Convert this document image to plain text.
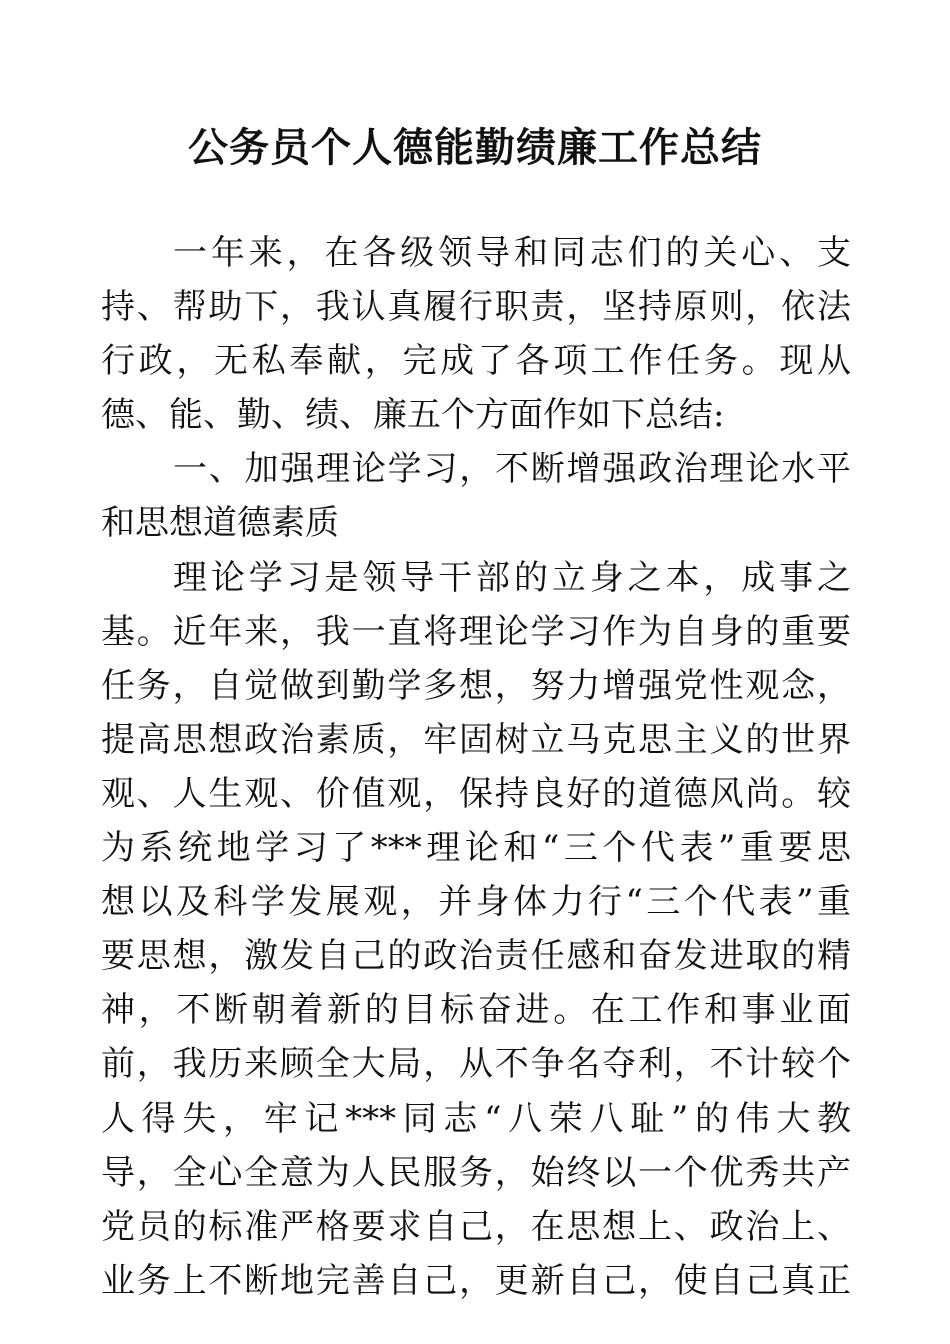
公务员个人德能勤绩廉工作总结
一年来，在各级领导和同志们的关心、支
持、帮助下，我认真履行职责，坚持原则，依法
行政，无私奉献，完成了各项工作任务。现从
德、能、勤、绩、廉五个方面作如下总结:
一、加强理论学习，不断增强政治理论水平
和思想道德素质
理论学习是领导干部的立身之本，成事之
基。近年来，我一直将理论学习作为自身的重要
任务，自觉做到勤学多想，努力增强党性观念，
提高思想政治素质，牢固树立马克思主义的世界
观、人生观、价值观，保持良好的道德风尚。较
为系统地学习了***理论和“三个代表”重要思
想以及科学发展观，并身体力行“三个代表”重
要思想，激发自己的政治责任感和奋发进取的精
神，不断朝着新的目标奋进。在工作和事业面
前，我历来顾全大局，从不争名夺利，不计较个
人得失，牢记***同志“八荣八耻”的伟大教
导，全心全意为人民服务，始终以一个优秀共产
党员的标准严格要求自己，在思想上、政治上、
业务上不断地完善自己，更新自己，使自己真正
